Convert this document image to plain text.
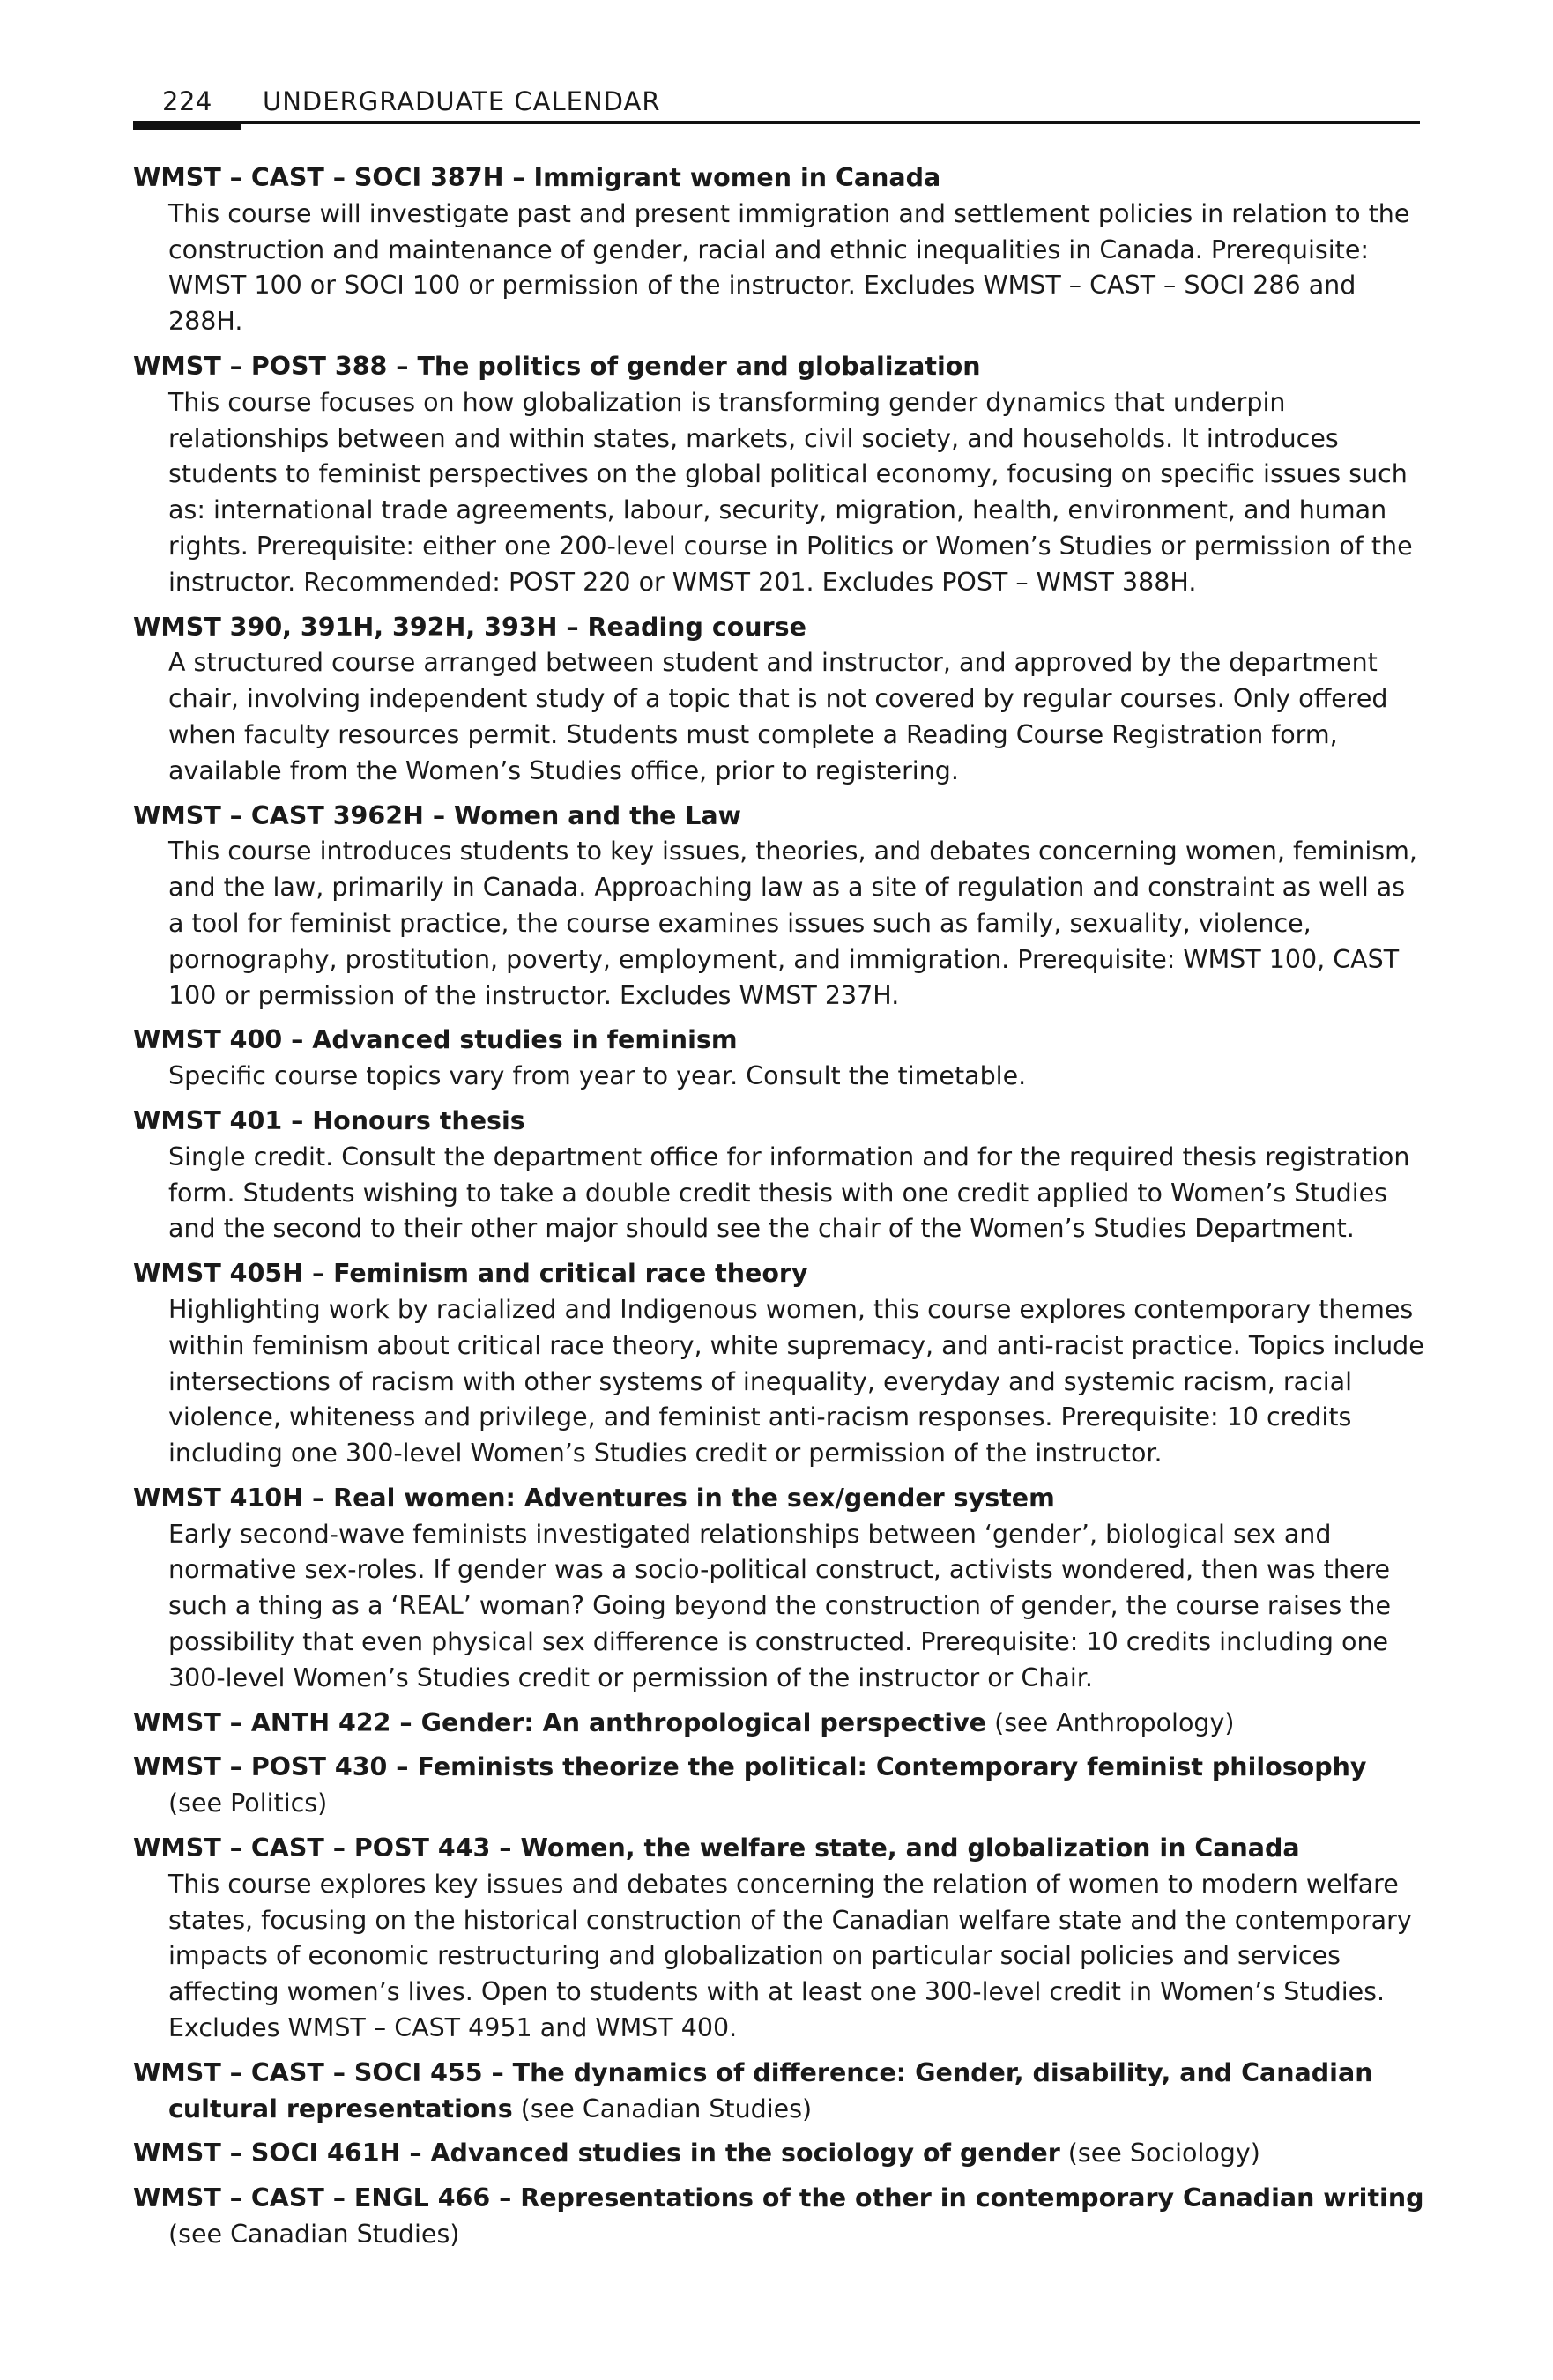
224 UNDERGRADUATE CALENDAR
WMST – CAST – SOCI 387H – Immigrant women in Canada
This course will investigate past and present immigration and settlement policies in relation to the construction and maintenance of gender, racial and ethnic inequalities in Canada. Prerequisite: WMST 100 or SOCI 100 or permission of the instructor. Excludes WMST – CAST – SOCI 286 and 288H.
WMST – POST 388 – The politics of gender and globalization
This course focuses on how globalization is transforming gender dynamics that underpin relationships between and within states, markets, civil society, and households. It introduces students to feminist perspectives on the global political economy, focusing on specific issues such as: international trade agreements, labour, security, migration, health, environment, and human rights. Prerequisite: either one 200-level course in Politics or Women’s Studies or permission of the instructor. Recommended: POST 220 or WMST 201. Excludes POST – WMST 388H.
WMST 390, 391H, 392H, 393H – Reading course
A structured course arranged between student and instructor, and approved by the department chair, involving independent study of a topic that is not covered by regular courses. Only offered when faculty resources permit. Students must complete a Reading Course Registration form, available from the Women’s Studies office, prior to registering.
WMST – CAST 3962H – Women and the Law
This course introduces students to key issues, theories, and debates concerning women, feminism, and the law, primarily in Canada. Approaching law as a site of regulation and constraint as well as a tool for feminist practice, the course examines issues such as family, sexuality, violence, pornography, prostitution, poverty, employment, and immigration. Prerequisite: WMST 100, CAST 100 or permission of the instructor. Excludes WMST 237H.
WMST 400 – Advanced studies in feminism
Specific course topics vary from year to year. Consult the timetable.
WMST 401 – Honours thesis
Single credit. Consult the department office for information and for the required thesis registration form. Students wishing to take a double credit thesis with one credit applied to Women’s Studies and the second to their other major should see the chair of the Women’s Studies Department.
WMST 405H – Feminism and critical race theory
Highlighting work by racialized and Indigenous women, this course explores contemporary themes within feminism about critical race theory, white supremacy, and anti-racist practice. Topics include intersections of racism with other systems of inequality, everyday and systemic racism, racial violence, whiteness and privilege, and feminist anti-racism responses. Prerequisite: 10 credits including one 300-level Women’s Studies credit or permission of the instructor.
WMST 410H – Real women: Adventures in the sex/gender system
Early second-wave feminists investigated relationships between ‘gender’, biological sex and normative sex-roles. If gender was a socio-political construct, activists wondered, then was there such a thing as a ‘REAL’ woman? Going beyond the construction of gender, the course raises the possibility that even physical sex difference is constructed. Prerequisite: 10 credits including one 300-level Women’s Studies credit or permission of the instructor or Chair.
WMST – ANTH 422 – Gender: An anthropological perspective (see Anthropology)
WMST – POST 430 – Feminists theorize the political: Contemporary feminist philosophy (see Politics)
WMST – CAST – POST 443 – Women, the welfare state, and globalization in Canada
This course explores key issues and debates concerning the relation of women to modern welfare states, focusing on the historical construction of the Canadian welfare state and the contemporary impacts of economic restructuring and globalization on particular social policies and services affecting women’s lives. Open to students with at least one 300-level credit in Women’s Studies. Excludes WMST – CAST 4951 and WMST 400.
WMST – CAST – SOCI 455 – The dynamics of difference: Gender, disability, and Canadian cultural representations (see Canadian Studies)
WMST – SOCI 461H – Advanced studies in the sociology of gender (see Sociology)
WMST – CAST – ENGL 466 – Representations of the other in contemporary Canadian writing (see Canadian Studies)
